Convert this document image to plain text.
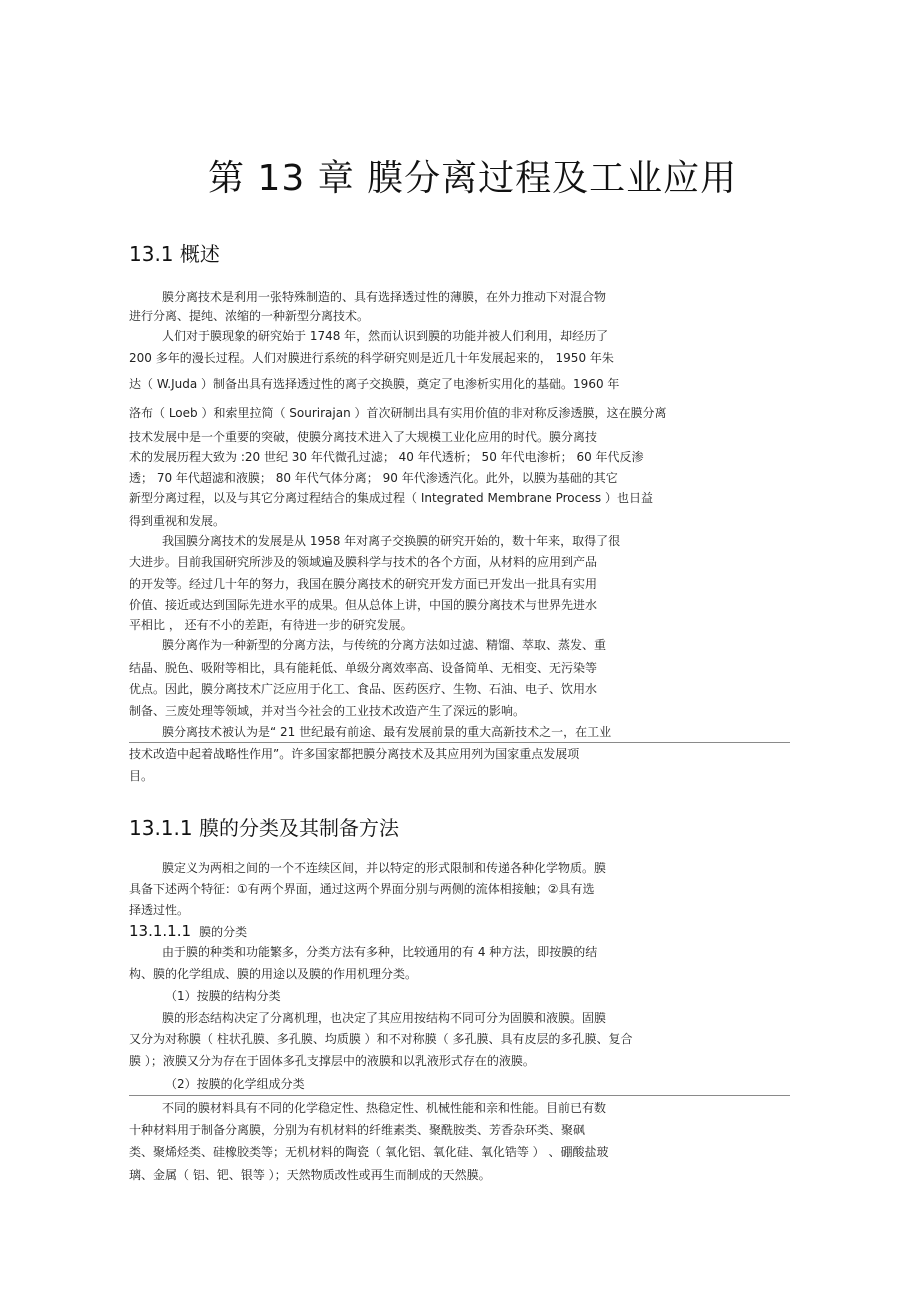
第 13 章 膜分离过程及工业应用
13.1 概述
膜分离技术是利用一张特殊制造的、具有选择透过性的薄膜，在外力推动下对混合物
进行分离、提纯、浓缩的一种新型分离技术。
人们对于膜现象的研究始于 1748 年，然而认识到膜的功能并被人们利用，却经历了
200 多年的漫长过程。人们对膜进行系统的科学研究则是近几十年发展起来的， 1950 年朱
达（ W.Juda ）制备出具有选择透过性的离子交换膜，奠定了电渗析实用化的基础。1960 年
洛布（ Loeb ）和索里拉简（ Sourirajan ）首次研制出具有实用价值的非对称反渗透膜，这在膜分离
技术发展中是一个重要的突破，使膜分离技术进入了大规模工业化应用的时代。膜分离技
术的发展历程大致为 :20 世纪 30 年代微孔过滤； 40 年代透析； 50 年代电渗析； 60 年代反渗
透； 70 年代超滤和液膜； 80 年代气体分离； 90 年代渗透汽化。此外，以膜为基础的其它
新型分离过程，以及与其它分离过程结合的集成过程（ Integrated Membrane Process ）也日益
得到重视和发展。
我国膜分离技术的发展是从 1958 年对离子交换膜的研究开始的，数十年来，取得了很
大进步。目前我国研究所涉及的领域遍及膜科学与技术的各个方面，从材料的应用到产品
的开发等。经过几十年的努力，我国在膜分离技术的研究开发方面已开发出一批具有实用
价值、接近或达到国际先进水平的成果。但从总体上讲，中国的膜分离技术与世界先进水
平相比 ， 还有不小的差距，有待进一步的研究发展。
膜分离作为一种新型的分离方法，与传统的分离方法如过滤、精馏、萃取、蒸发、重
结晶、脱色、吸附等相比，具有能耗低、单级分离效率高、设备简单、无相变、无污染等
优点。因此，膜分离技术广泛应用于化工、食品、医药医疗、生物、石油、电子、饮用水
制备、三废处理等领域，并对当今社会的工业技术改造产生了深远的影响。
膜分离技术被认为是“ 21 世纪最有前途、最有发展前景的重大高新技术之一，在工业
技术改造中起着战略性作用”。许多国家都把膜分离技术及其应用列为国家重点发展项
目。
13.1.1 膜的分类及其制备方法
膜定义为两相之间的一个不连续区间，并以特定的形式限制和传递各种化学物质。膜
具备下述两个特征：①有两个界面，通过这两个界面分别与两侧的流体相接触；②具有选
择透过性。
13.1.1.1 膜的分类
由于膜的种类和功能繁多，分类方法有多种，比较通用的有 4 种方法，即按膜的结
构、膜的化学组成、膜的用途以及膜的作用机理分类。
（1）按膜的结构分类
膜的形态结构决定了分离机理，也决定了其应用按结构不同可分为固膜和液膜。固膜
又分为对称膜（ 柱状孔膜、多孔膜、均质膜 ）和不对称膜（ 多孔膜、具有皮层的多孔膜、复合
膜 ）；液膜又分为存在于固体多孔支撑层中的液膜和以乳液形式存在的液膜。
（2）按膜的化学组成分类
不同的膜材料具有不同的化学稳定性、热稳定性、机械性能和亲和性能。目前已有数
十种材料用于制备分离膜，分别为有机材料的纤维素类、聚酰胺类、芳香杂环类、聚砜
类、聚烯烃类、硅橡胶类等；无机材料的陶瓷（ 氧化铝、氧化硅、氧化锆等 ） 、硼酸盐玻
璃、金属（ 铝、钯、银等 ）；天然物质改性或再生而制成的天然膜。
